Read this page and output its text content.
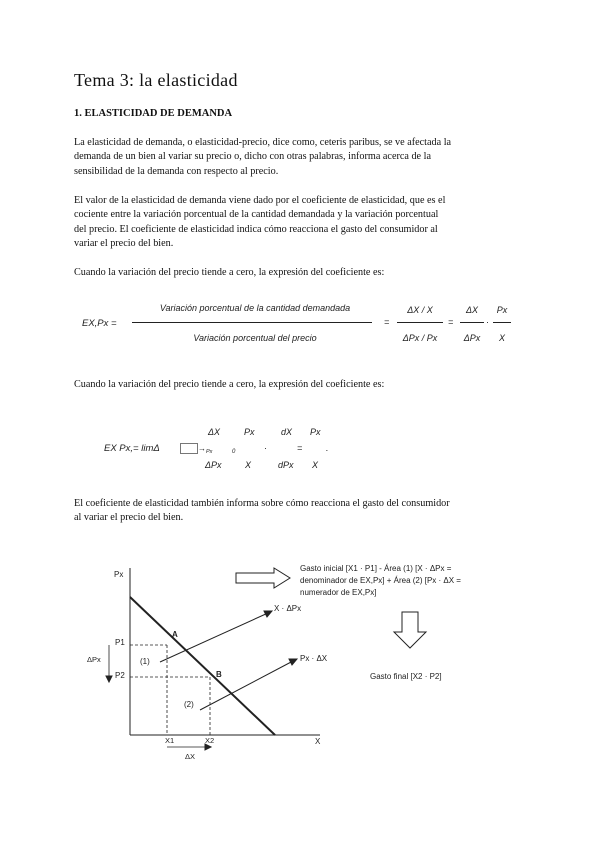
Tema 3: la elasticidad
1. ELASTICIDAD DE DEMANDA
La elasticidad de demanda, o elasticidad-precio, dice como, ceteris paribus, se ve afectada la
demanda de un bien al variar su precio o, dicho con otras palabras, informa acerca de la
sensibilidad de la demanda con respecto al precio.
El valor de la elasticidad de demanda viene dado por el coeficiente de elasticidad, que es el
cociente entre la variación porcentual de la cantidad demandada y la variación porcentual
del precio. El coeficiente de elasticidad indica cómo reacciona el gasto del consumidor al
variar el precio del bien.
Cuando la variación del precio tiende a cero, la expresión del coeficiente es:
EX,Px =
Variación porcentual de la cantidad demandada
Variación porcentual del precio
=
ΔX / X
ΔPx / Px
=
ΔX
ΔPx
·
Px
X
Cuando la variación del precio tiende a cero, la expresión del coeficiente es:
EX Px,= limΔ	→ Px	0
ΔX	Px	dX Px
·	=	.
ΔPx	X	dPx X
El coeficiente de elasticidad también informa sobre cómo reacciona el gasto del consumidor
al variar el precio del bien.
Px
X
P1
P2
ΔPx
X1	X2
ΔX
A
B
(1)
(2)
X · ΔPx
Px · ΔX
Gasto inicial [X1 · P1] - Área (1) [X · ΔPx =
denominador de EX,Px] + Área (2) [Px · ΔX =
numerador de EX,Px]
Gasto final [X2 · P2]
